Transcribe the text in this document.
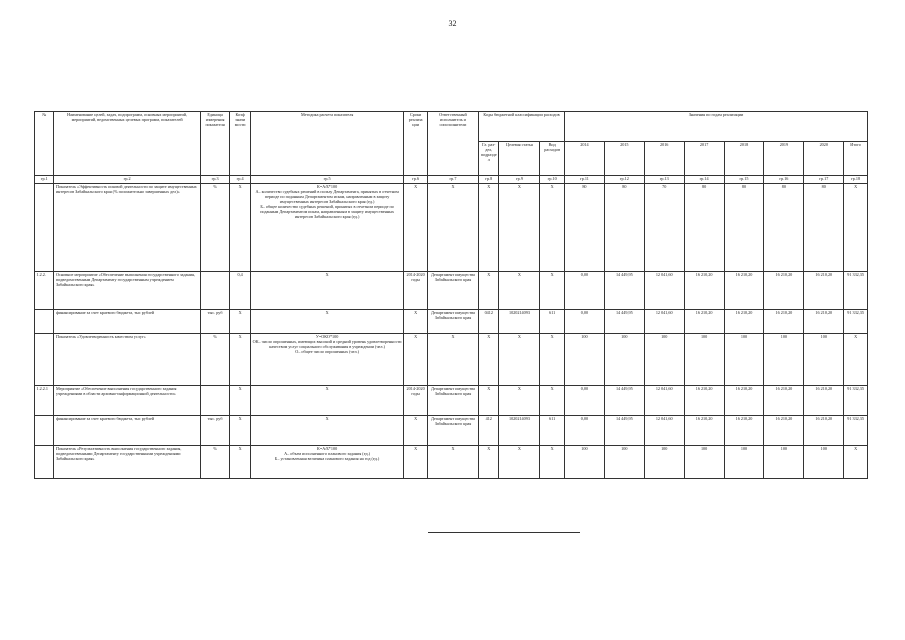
32
№	Наименование целей, задач, подпрограмм, основных мероприятий, мероприятий, ведомственных целевых программ, показателей	Единица измерения показателя	Коэф значи мости	Методика расчета показателя	Сроки реализа ции	Ответственный исполнитель и соисполнители	Коды бюджетной классификации расходов			Значения по годам реализации							
							Гл. раз-дел, подразде л	Целевая статья	Вид расходов	2014	2015	2016	2017	2018	2019	2020	Итого
гр.1	гр.2	гр.3	гр.4	гр.5	гр.6	гр.7	гр.8	гр.9	гр.10	гр.11	гр.12	гр.13	гр.14	гр.15	гр.16	гр.17	гр.18
	Показатель «Эффективность исковой деятельности по защите имущественных интересов Забайкальского края (% положительно завершенных дел)»	%	X	К=А/Б*100
А– количество судебных решений в пользу Департамента, принятых в отчетном периоде по поданным Департаментом искам, направленным в защиту имущественных интересов Забайкальского края (ед.)
Б– общее количество судебных решений, принятых в отчетном периоде по поданным Департаментом искам, направленным в защиту имущественных интересов Забайкальского края (ед.)	X	X	X	X	X	80	80	70	80	80	80	80	X
1.2.2.	Основное мероприятие «Обеспечение выполнения государственного задания, подведомственным Департаменту государственным учреждением Забайкальского края»		0,4	X	2014-2020 годы	Департамент имущества Забайкальского края	X	X	X	0,00	14 449,95	12 041,60	16 210,20	16 210,20	16 210,20	16 210,20	91 332,35
	финансирование за счет краевого бюджета, тыс рублей	тыс. руб	X	X	X	Департамент имущества Забайкальского края	0412	1020214093	611	0,00	14 449,95	12 041,60	16 210,20	16 210,20	16 210,20	16 210,20	91 332,35
	Показатель «Удовлетворенность качеством услуг»	%	X	У=ОКО*100
ОК– число опрошенных, имеющих высокий и средний уровень удовлетворенности качеством услуг социального обслуживания в учреждении (чел.)
О– общее число опрошенных (чел.)	X	X	X	X	X	100	100	100	100	100	100	100	X
1.2.2.1	Мероприятие «Обеспечение выполнения государственного задания учреждениями в области архивно-информационной деятельности»		X	X	2014-2020 годы	Департамент имущества Забайкальского края	X	X	X	0,00	14 449,95	12 041,60	16 210,20	16 210,20	16 210,20	16 210,20	91 332,35
	финансирование за счет краевого бюджета, тыс рублей	тыс. руб	X	X	X	Департамент имущества Забайкальского края	412	1020214093	611	0,00	14 449,95	12 041,60	16 210,20	16 210,20	16 210,20	16 210,20	91 332,35
	Показатель «Результативность выполнения государственного задания, подведомственными Департаменту государственными учреждениями Забайкальского края»	%	X	К=А/Б*100
А– объем исполненного планового задания (ед.)
Б– установленная величина планового задания на год (ед.)	X	X	X	X	X	100	100	100	100	100	100	100	X
